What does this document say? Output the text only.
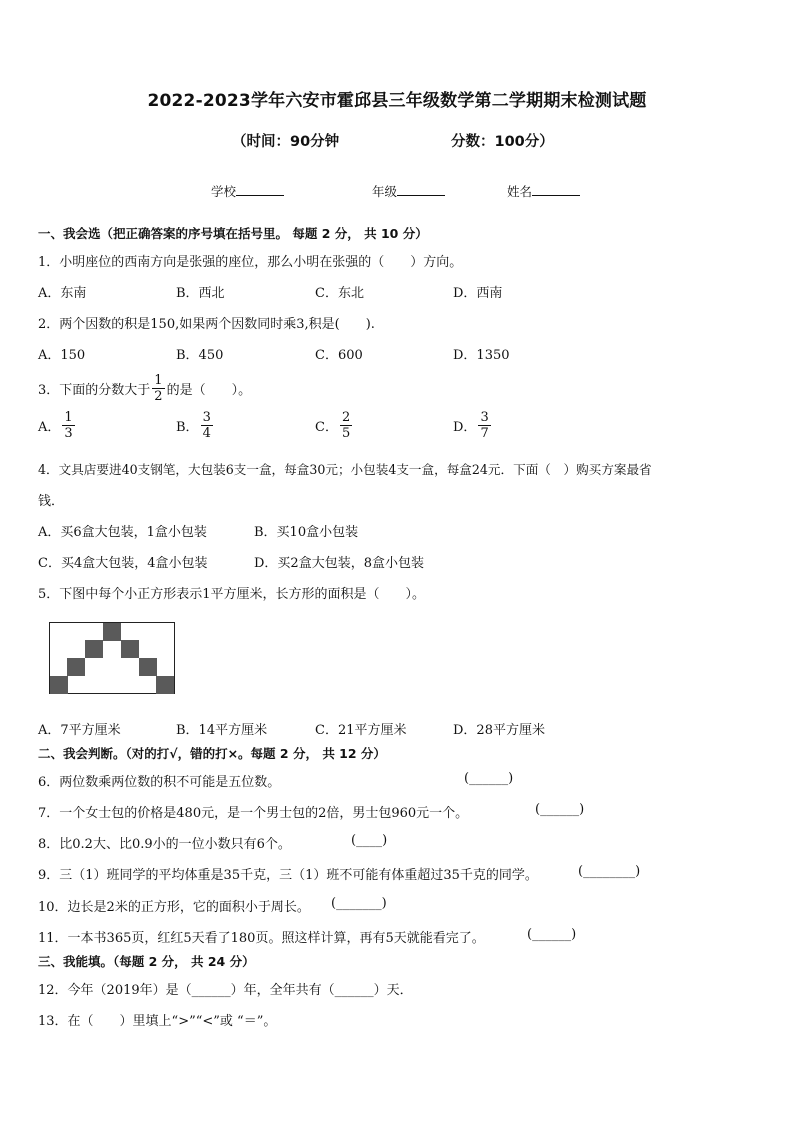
2022-2023学年六安市霍邱县三年级数学第二学期期末检测试题
（时间：90分钟	分数：100分）
学校	年级	姓名
一、我会选（把正确答案的序号填在括号里。 每题 2 分， 共 10 分）
1．小明座位的西南方向是张强的座位，那么小明在张强的（　　）方向。
A．东南	B．西北	C．东北	D．西南
2．两个因数的积是150,如果两个因数同时乘3,积是(　　).
A．150	B．450	C．600	D．1350
3．下面的分数大于 $\frac{1}{2}$ 的是（　　）。
A． $\frac{1}{3}$	B． $\frac{3}{4}$	C． $\frac{2}{5}$	D． $\frac{3}{7}$
4．文具店要进40支钢笔，大包装6支一盒，每盒30元；小包装4支一盒，每盒24元．下面（　）购买方案最省
钱．
A．买6盒大包装，1盒小包装	B．买10盒小包装
C．买4盒大包装，4盒小包装	D．买2盒大包装，8盒小包装
5．下图中每个小正方形表示1平方厘米，长方形的面积是（　　）。
A．7平方厘米	B．14平方厘米	C．21平方厘米	D．28平方厘米
二、我会判断。（对的打√，错的打×。每题 2 分， 共 12 分）
6．两位数乘两位数的积不可能是五位数。	(______)
7．一个女士包的价格是480元，是一个男士包的2倍，男士包960元一个。	(______)
8．比0.2大、比0.9小的一位小数只有6个。	(____)
9．三（1）班同学的平均体重是35千克，三（1）班不可能有体重超过35千克的同学。	(________)
10．边长是2米的正方形，它的面积小于周长。 (_______)
11．一本书365页，红红5天看了180页。照这样计算，再有5天就能看完了。	(______)
三、我能填。（每题 2 分， 共 24 分）
12．今年（2019年）是（______）年，全年共有（______）天．
13．在（　　）里填上“>”“<”或 “＝”。
